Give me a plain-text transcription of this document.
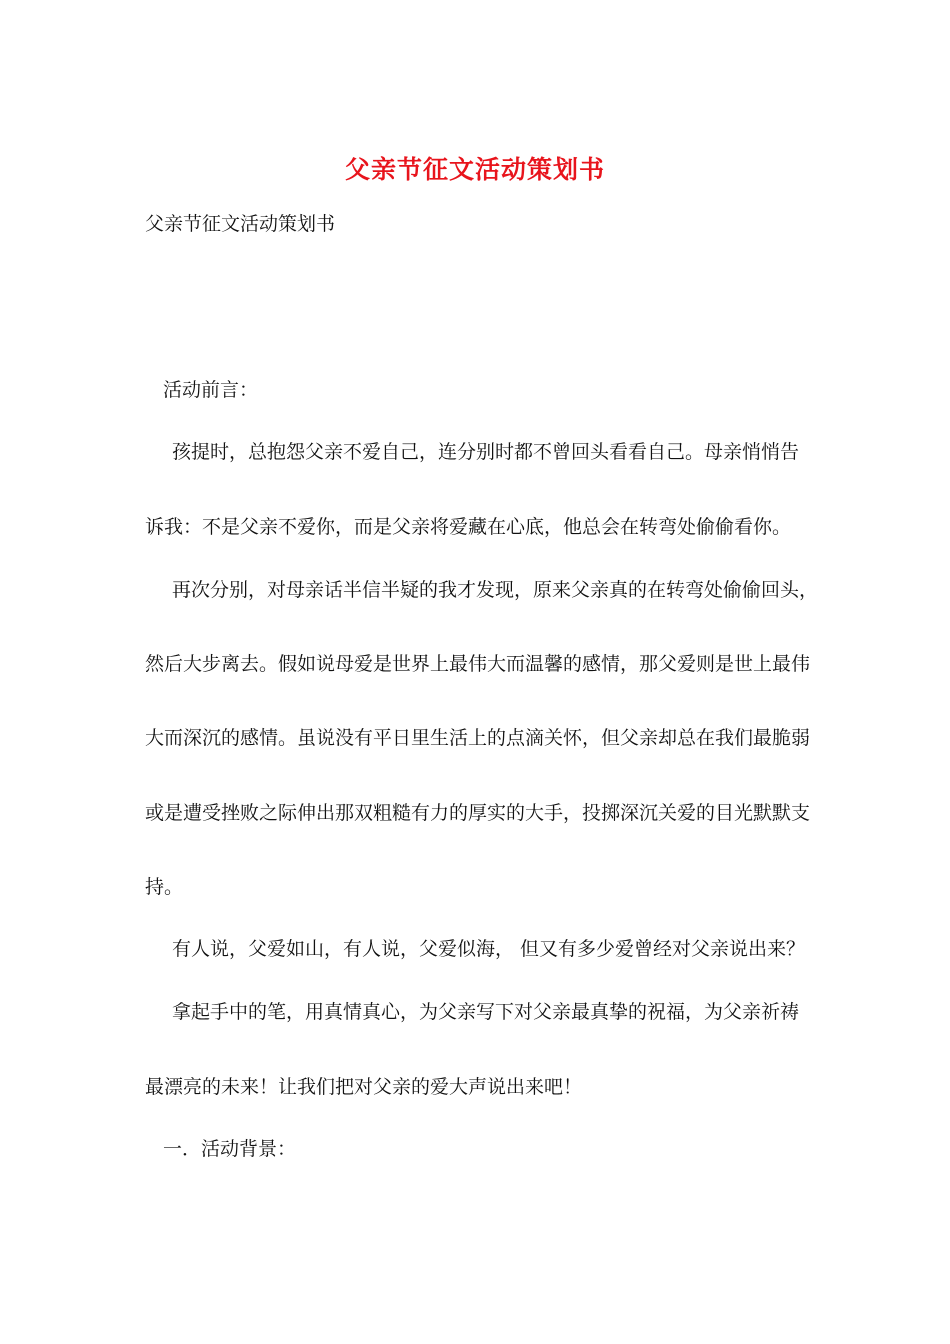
父亲节征文活动策划书
父亲节征文活动策划书
活动前言：
孩提时，总抱怨父亲不爱自己，连分别时都不曾回头看看自己。母亲悄悄告
诉我：不是父亲不爱你，而是父亲将爱藏在心底，他总会在转弯处偷偷看你。
再次分别，对母亲话半信半疑的我才发现，原来父亲真的在转弯处偷偷回头，
然后大步离去。假如说母爱是世界上最伟大而温馨的感情，那父爱则是世上最伟
大而深沉的感情。虽说没有平日里生活上的点滴关怀，但父亲却总在我们最脆弱
或是遭受挫败之际伸出那双粗糙有力的厚实的大手，投掷深沉关爱的目光默默支
持。
有人说，父爱如山，有人说，父爱似海， 但又有多少爱曾经对父亲说出来？
拿起手中的笔，用真情真心，为父亲写下对父亲最真挚的祝福，为父亲祈祷
最漂亮的未来！让我们把对父亲的爱大声说出来吧！
一．活动背景：
